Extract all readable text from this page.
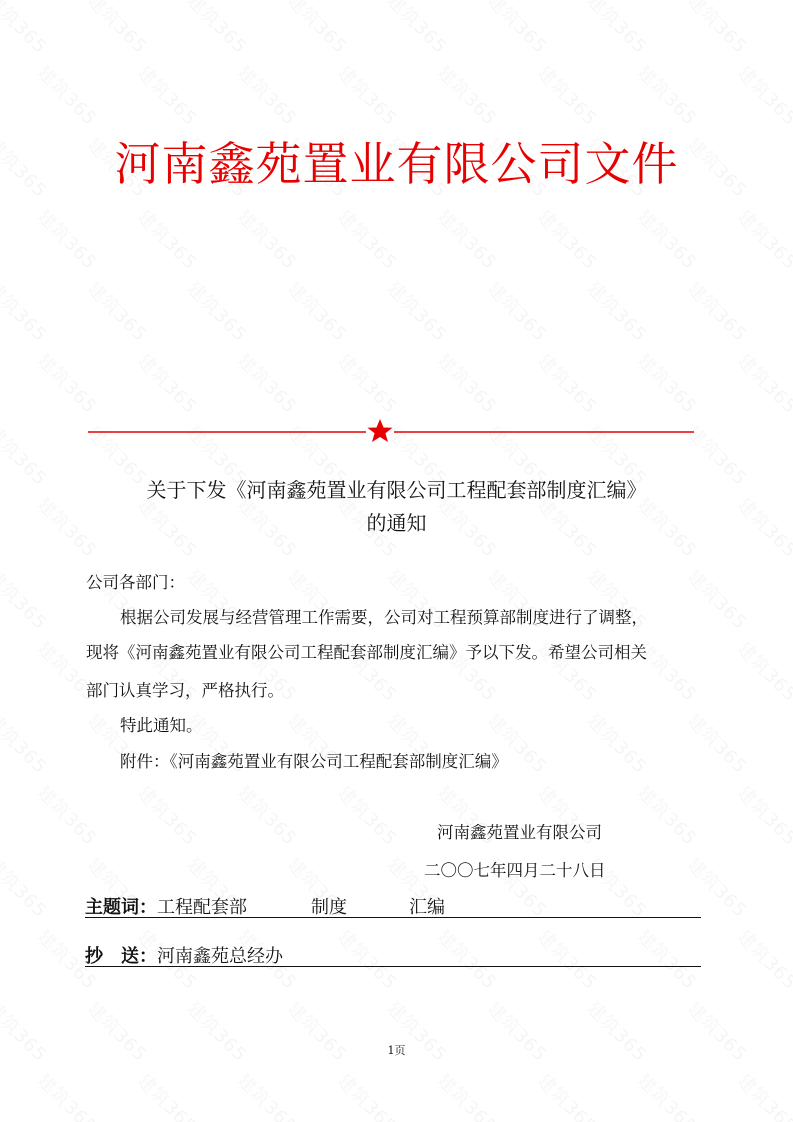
河南鑫苑置业有限公司文件
关于下发《河南鑫苑置业有限公司工程配套部制度汇编》
的通知
公司各部门：
根据公司发展与经营管理工作需要，公司对工程预算部制度进行了调整，
现将《河南鑫苑置业有限公司工程配套部制度汇编》予以下发。希望公司相关
部门认真学习，严格执行。
特此通知。
附件：《河南鑫苑置业有限公司工程配套部制度汇编》
河南鑫苑置业有限公司
二〇〇七年四月二十八日
主题词：工程配套部	制度	汇编
抄　送：河南鑫苑总经办
1页
